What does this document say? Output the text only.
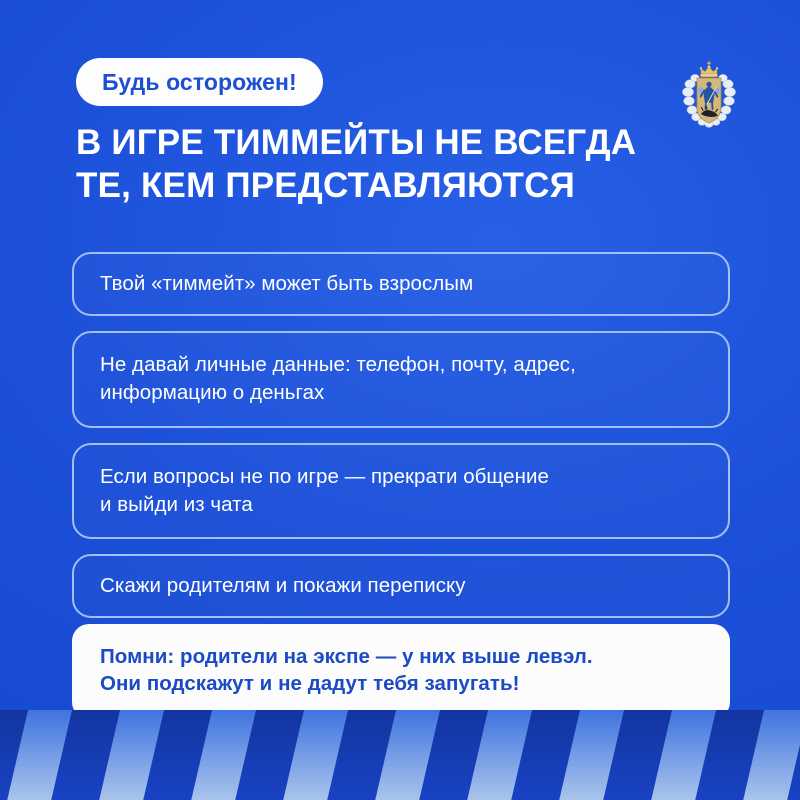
Будь осторожен!
В ИГРЕ ТИММЕЙТЫ НЕ ВСЕГДА
ТЕ, КЕМ ПРЕДСТАВЛЯЮТСЯ
Твой «тиммейт» может быть взрослым
Не давай личные данные: телефон, почту, адрес,
информацию о деньгах
Если вопросы не по игре — прекрати общение
и выйди из чата
Скажи родителям и покажи переписку
Помни: родители на экспе — у них выше левэл.
Они подскажут и не дадут тебя запугать!
